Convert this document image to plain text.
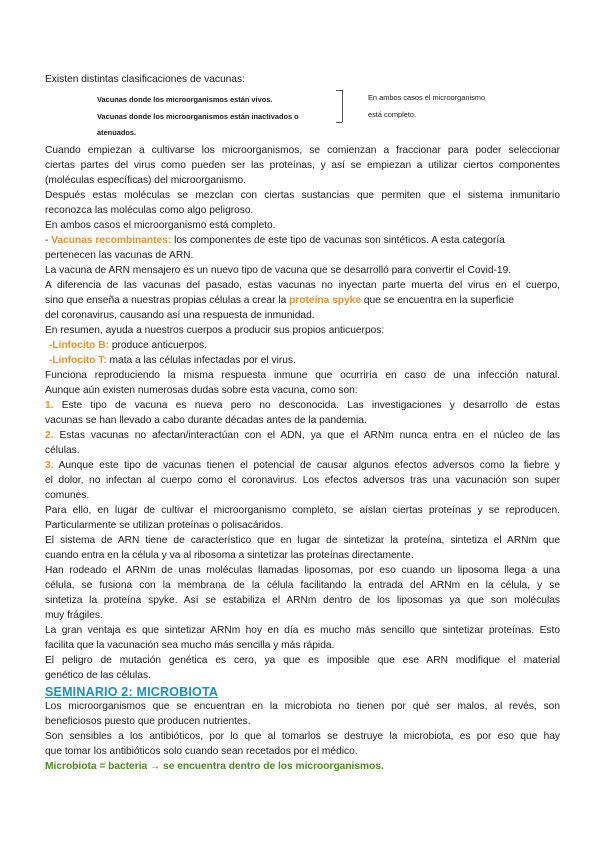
Existen distintas clasificaciones de vacunas:
Vacunas donde los microorganismos están vivos.
Vacunas donde los microorganismos están inactivados o
atenuados.
En ambos casos el microorganismo
está completo.
Cuando empiezan a cultivarse los microorganismos, se comienzan a fraccionar para poder seleccionar
ciertas partes del virus como pueden ser las proteínas, y así se empiezan a utilizar ciertos componentes
(moléculas específicas) del microorganismo.
Después estas moléculas se mezclan con ciertas sustancias que permiten que el sistema inmunitario
reconozca las moléculas como algo peligroso.
En ambos casos el microorganismo está completo.
- Vacunas recombinantes: los componentes de este tipo de vacunas son sintéticos. A esta categoría
pertenecen las vacunas de ARN.
La vacuna de ARN mensajero es un nuevo tipo de vacuna que se desarrolló para convertir el Covid-19.
A diferencia de las vacunas del pasado, estas vacunas no inyectan parte muerta del virus en el cuerpo,
sino que enseña a nuestras propias células a crear la proteína spyke que se encuentra en la superficie
del coronavirus, causando así una respuesta de inmunidad.
En resumen, ayuda a nuestros cuerpos a producir sus propios anticuerpos:
-Linfocito B: produce anticuerpos.
-Linfocito T: mata a las células infectadas por el virus.
Funciona reproduciendo la misma respuesta inmune que ocurriría en caso de una infección natural.
Aunque aún existen numerosas dudas sobre esta vacuna, como son:
1. Este tipo de vacuna es nueva pero no desconocida. Las investigaciones y desarrollo de estas
vacunas se han llevado a cabo durante décadas antes de la pandemia.
2. Estas vacunas no afectan/interactúan con el ADN, ya que el ARNm nunca entra en el núcleo de las
células.
3. Aunque este tipo de vacunas tienen el potencial de causar algunos efectos adversos como la fiebre y
el dolor, no infectan al cuerpo como el coronavirus. Los efectos adversos tras una vacunación son super
comunes.
Para ello, en lugar de cultivar el microorganismo completo, se aíslan ciertas proteínas y se reproducen.
Particularmente se utilizan proteínas o polisacáridos.
El sistema de ARN tiene de característico que en lugar de sintetizar la proteína, sintetiza el ARNm que
cuando entra en la célula y va al ribosoma a sintetizar las proteínas directamente.
Han rodeado el ARNm de unas moléculas llamadas liposomas, por eso cuando un liposoma llega a una
célula, se fusiona con la membrana de la célula facilitando la entrada del ARNm en la célula, y se
sintetiza la proteína spyke. Así se estabiliza el ARNm dentro de los liposomas ya que son moléculas
muy frágiles.
La gran ventaja es que sintetizar ARNm hoy en día es mucho más sencillo que sintetizar proteínas. Esto
facilita que la vacunación sea mucho más sencilla y más rápida.
El peligro de mutación genética es cero, ya que es imposible que ese ARN modifique el material
SEMINARIO 2: MICROBIOTA
genético de las células.
Los microorganismos que se encuentran en la microbiota no tienen por qué ser malos, al revés, son
beneficiosos puesto que producen nutrientes.
Son sensibles a los antibióticos, por lo que al tomarlos se destruye la microbiota, es por eso que hay
que tomar los antibióticos solo cuando sean recetados por el médico.
Microbiota = bacteria → se encuentra dentro de los microorganismos.
